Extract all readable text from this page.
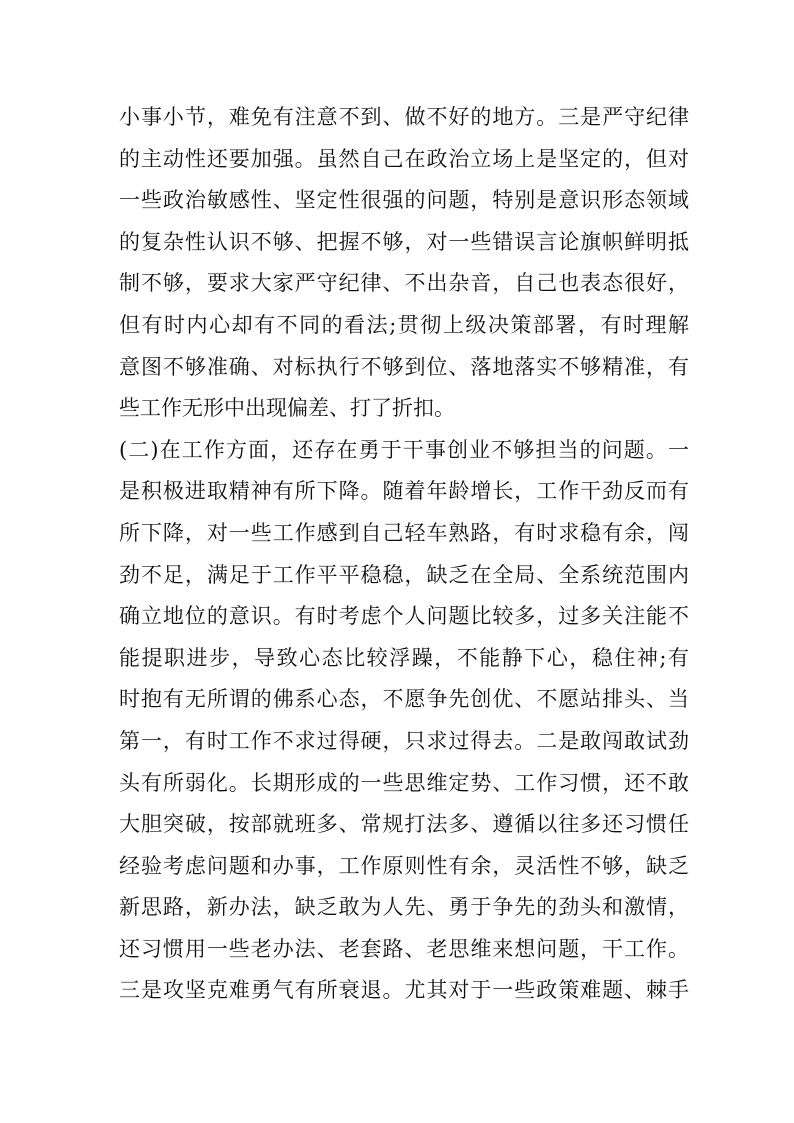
小事小节，难免有注意不到、做不好的地方。三是严守纪律
的主动性还要加强。虽然自己在政治立场上是坚定的，但对
一些政治敏感性、坚定性很强的问题，特别是意识形态领域
的复杂性认识不够、把握不够，对一些错误言论旗帜鲜明抵
制不够，要求大家严守纪律、不出杂音，自己也表态很好，
但有时内心却有不同的看法;贯彻上级决策部署，有时理解
意图不够准确、对标执行不够到位、落地落实不够精准，有
些工作无形中出现偏差、打了折扣。
(二)在工作方面，还存在勇于干事创业不够担当的问题。一
是积极进取精神有所下降。随着年龄增长，工作干劲反而有
所下降，对一些工作感到自己轻车熟路，有时求稳有余，闯
劲不足，满足于工作平平稳稳，缺乏在全局、全系统范围内
确立地位的意识。有时考虑个人问题比较多，过多关注能不
能提职进步，导致心态比较浮躁，不能静下心，稳住神;有
时抱有无所谓的佛系心态，不愿争先创优、不愿站排头、当
第一，有时工作不求过得硬，只求过得去。二是敢闯敢试劲
头有所弱化。长期形成的一些思维定势、工作习惯，还不敢
大胆突破，按部就班多、常规打法多、遵循以往多还习惯任
经验考虑问题和办事，工作原则性有余，灵活性不够，缺乏
新思路，新办法，缺乏敢为人先、勇于争先的劲头和激情，
还习惯用一些老办法、老套路、老思维来想问题，干工作。
三是攻坚克难勇气有所衰退。尤其对于一些政策难题、棘手
